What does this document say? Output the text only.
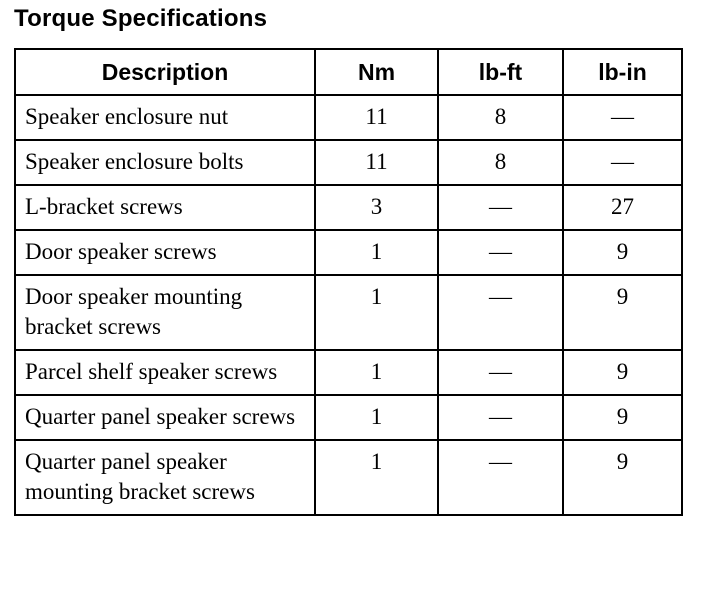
Torque Specifications
Description	Nm	lb-ft	lb-in
Speaker enclosure nut	11	8	—
Speaker enclosure bolts	11	8	—
L-bracket screws	3	—	27
Door speaker screws	1	—	9
Door speaker mounting bracket screws	1	—	9
Parcel shelf speaker screws	1	—	9
Quarter panel speaker screws	1	—	9
Quarter panel speaker mounting bracket screws	1	—	9
